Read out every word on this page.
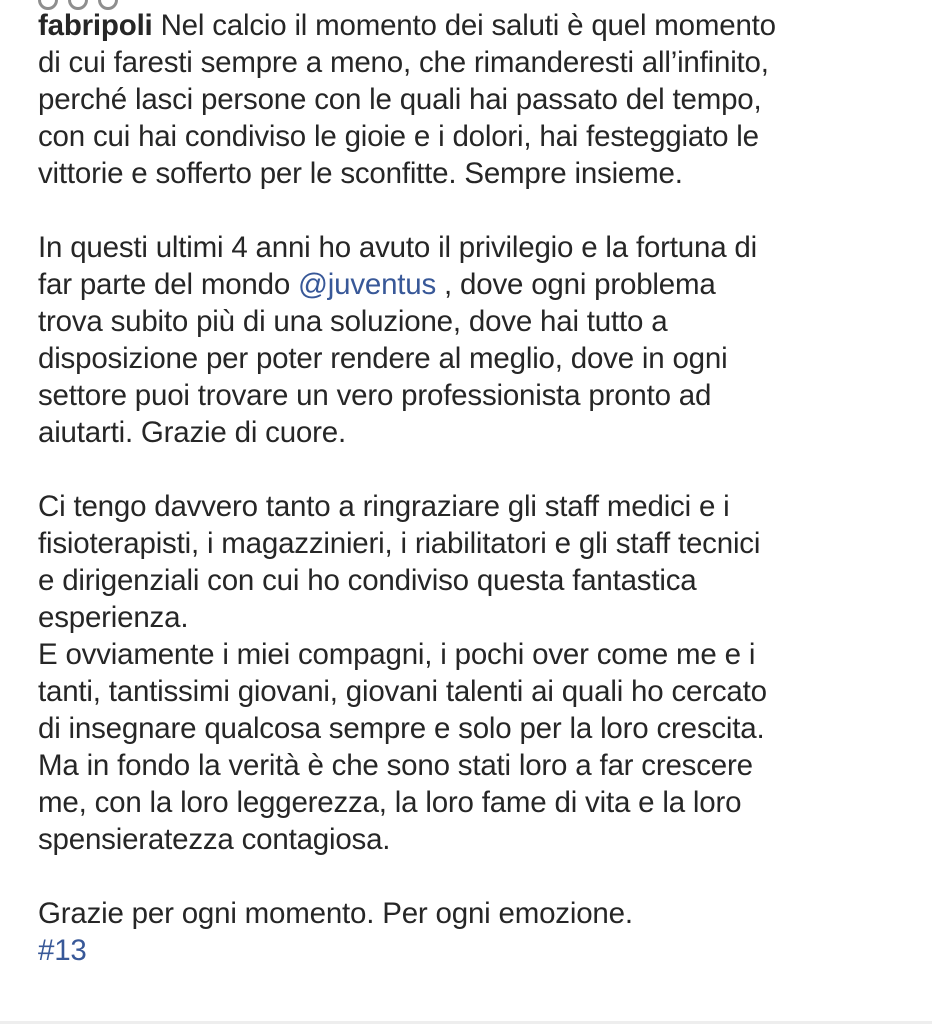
fabripoli Nel calcio il momento dei saluti è quel momento
di cui faresti sempre a meno, che rimanderesti all’infinito,
perché lasci persone con le quali hai passato del tempo,
con cui hai condiviso le gioie e i dolori, hai festeggiato le
vittorie e sofferto per le sconfitte. Sempre insieme.
In questi ultimi 4 anni ho avuto il privilegio e la fortuna di
far parte del mondo @juventus , dove ogni problema
trova subito più di una soluzione, dove hai tutto a
disposizione per poter rendere al meglio, dove in ogni
settore puoi trovare un vero professionista pronto ad
aiutarti. Grazie di cuore.
Ci tengo davvero tanto a ringraziare gli staff medici e i
fisioterapisti, i magazzinieri, i riabilitatori e gli staff tecnici
e dirigenziali con cui ho condiviso questa fantastica
esperienza.
E ovviamente i miei compagni, i pochi over come me e i
tanti, tantissimi giovani, giovani talenti ai quali ho cercato
di insegnare qualcosa sempre e solo per la loro crescita.
Ma in fondo la verità è che sono stati loro a far crescere
me, con la loro leggerezza, la loro fame di vita e la loro
spensieratezza contagiosa.
Grazie per ogni momento. Per ogni emozione.
#13
